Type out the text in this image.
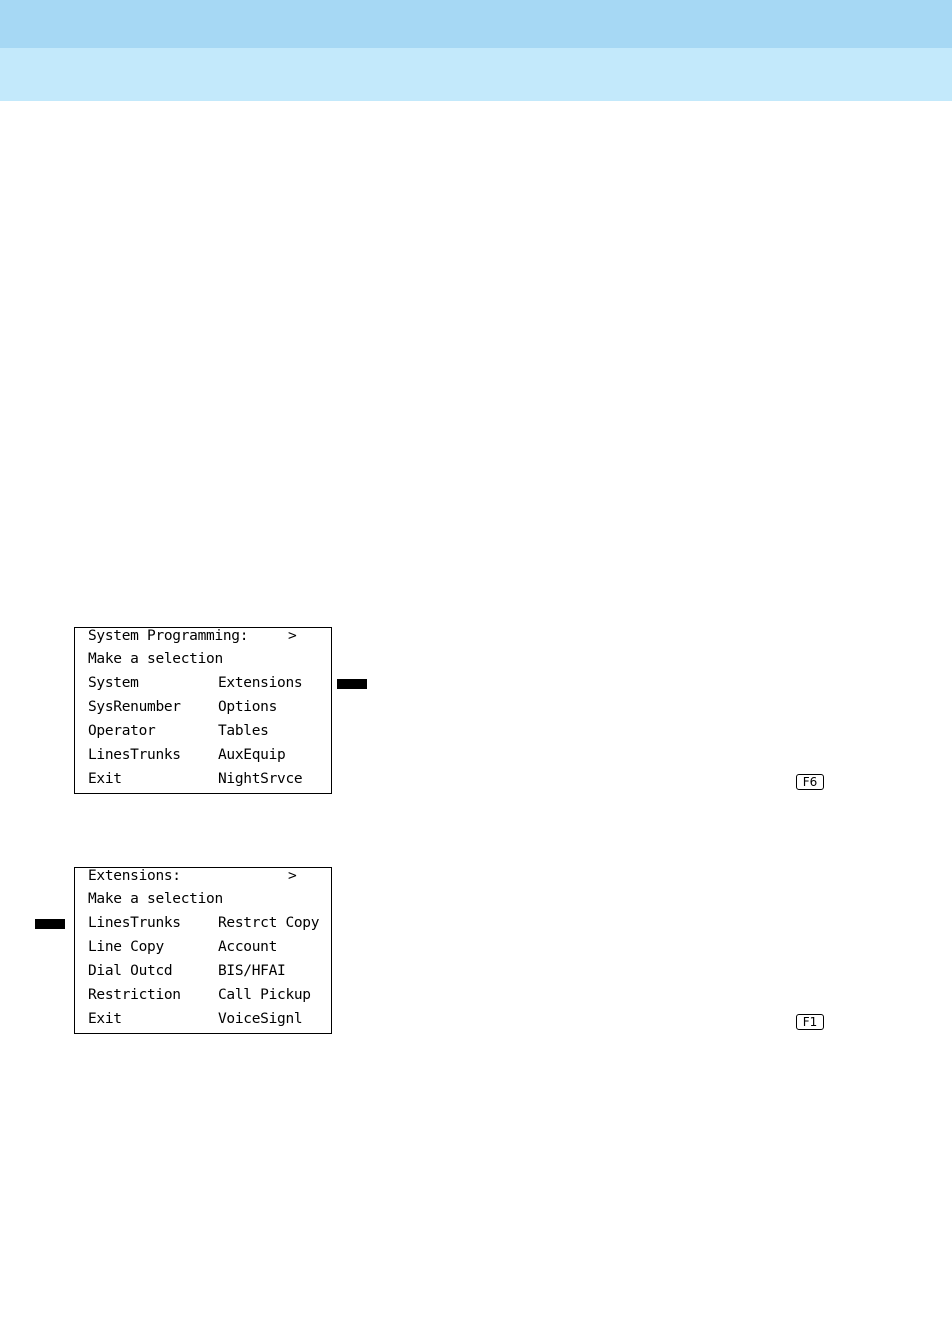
System Programming:	>
Make a selection
System	Extensions
SysRenumber	Options
Operator	Tables
LinesTrunks	AuxEquip
Exit	NightSrvce	F6
Extensions:	>
Make a selection
LinesTrunks	Restrct Copy
Line Copy	Account
Dial Outcd	BIS/HFAI
Restriction	Call Pickup
Exit	VoiceSignl	F1
